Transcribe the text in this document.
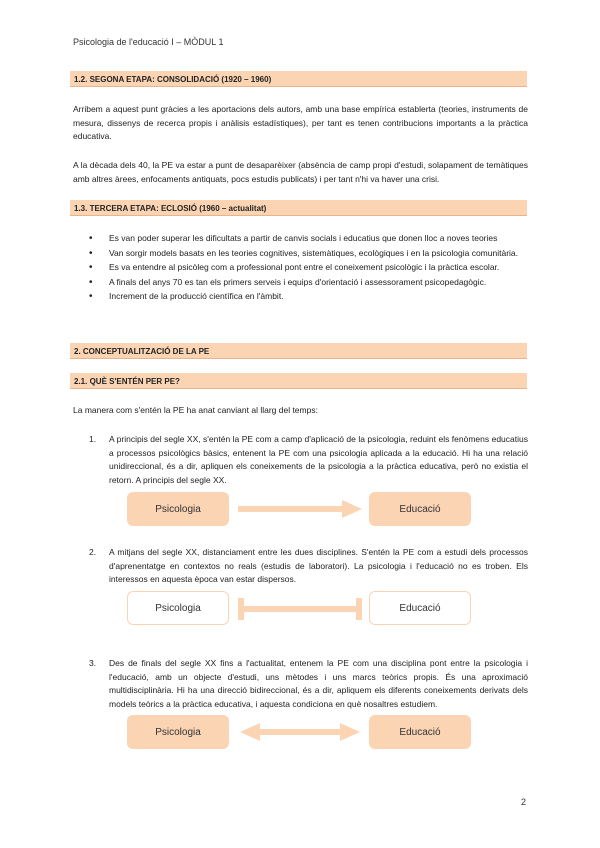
Psicologia de l'educació I – MÒDUL 1
1.2. SEGONA ETAPA: CONSOLIDACIÓ (1920 – 1960)
Arribem a aquest punt gràcies a les aportacions dels autors, amb una base empírica establerta (teories, instruments de mesura, dissenys de recerca propis i anàlisis estadístiques), per tant es tenen contribucions importants a la pràctica educativa.
A la dècada dels 40, la PE va estar a punt de desaparèixer (absència de camp propi d'estudi, solapament de temàtiques amb altres àrees, enfocaments antiquats, pocs estudis publicats) i per tant n'hi va haver una crisi.
1.3. TERCERA ETAPA: ECLOSIÓ (1960 – actualitat)
• Es van poder superar les dificultats a partir de canvis socials i educatius que donen lloc a noves teories
• Van sorgir models basats en les teories cognitives, sistemàtiques, ecològiques i en la psicologia comunitària.
• Es va entendre al psicòleg com a professional pont entre el coneixement psicològic i la pràctica escolar.
• A finals del anys 70 es tan els primers serveis i equips d'orientació i assessorament psicopedagògic.
• Increment de la producció científica en l'àmbit.
2. CONCEPTUALITZACIÓ DE LA PE
2.1. QUÈ S'ENTÉN PER PE?
La manera com s'entén la PE ha anat canviant al llarg del temps:
1. A principis del segle XX, s'entén la PE com a camp d'aplicació de la psicologia, reduint els fenòmens educatius a processos psicològics bàsics, entenent la PE com una psicologia aplicada a la educació. Hi ha una relació unidireccional, és a dir, apliquen els coneixements de la psicologia a la pràctica educativa, però no existia el retorn. A principis del segle XX.
Psicologia	Educació
2. A mitjans del segle XX, distanciament entre les dues disciplines. S'entén la PE com a estudi dels processos d'aprenentatge en contextos no reals (estudis de laboratori). La psicologia i l'educació no es troben. Els interessos en aquesta època van estar dispersos.
Psicologia	Educació
3. Des de finals del segle XX fins a l'actualitat, entenem la PE com una disciplina pont entre la psicologia i l'educació, amb un objecte d'estudi, uns mètodes i uns marcs teòrics propis. És una aproximació multidisciplinària. Hi ha una direcció bidireccional, és a dir, apliquem els diferents coneixements derivats dels models teòrics a la pràctica educativa, i aquesta condiciona en què nosaltres estudiem.
Psicologia	Educació
2
